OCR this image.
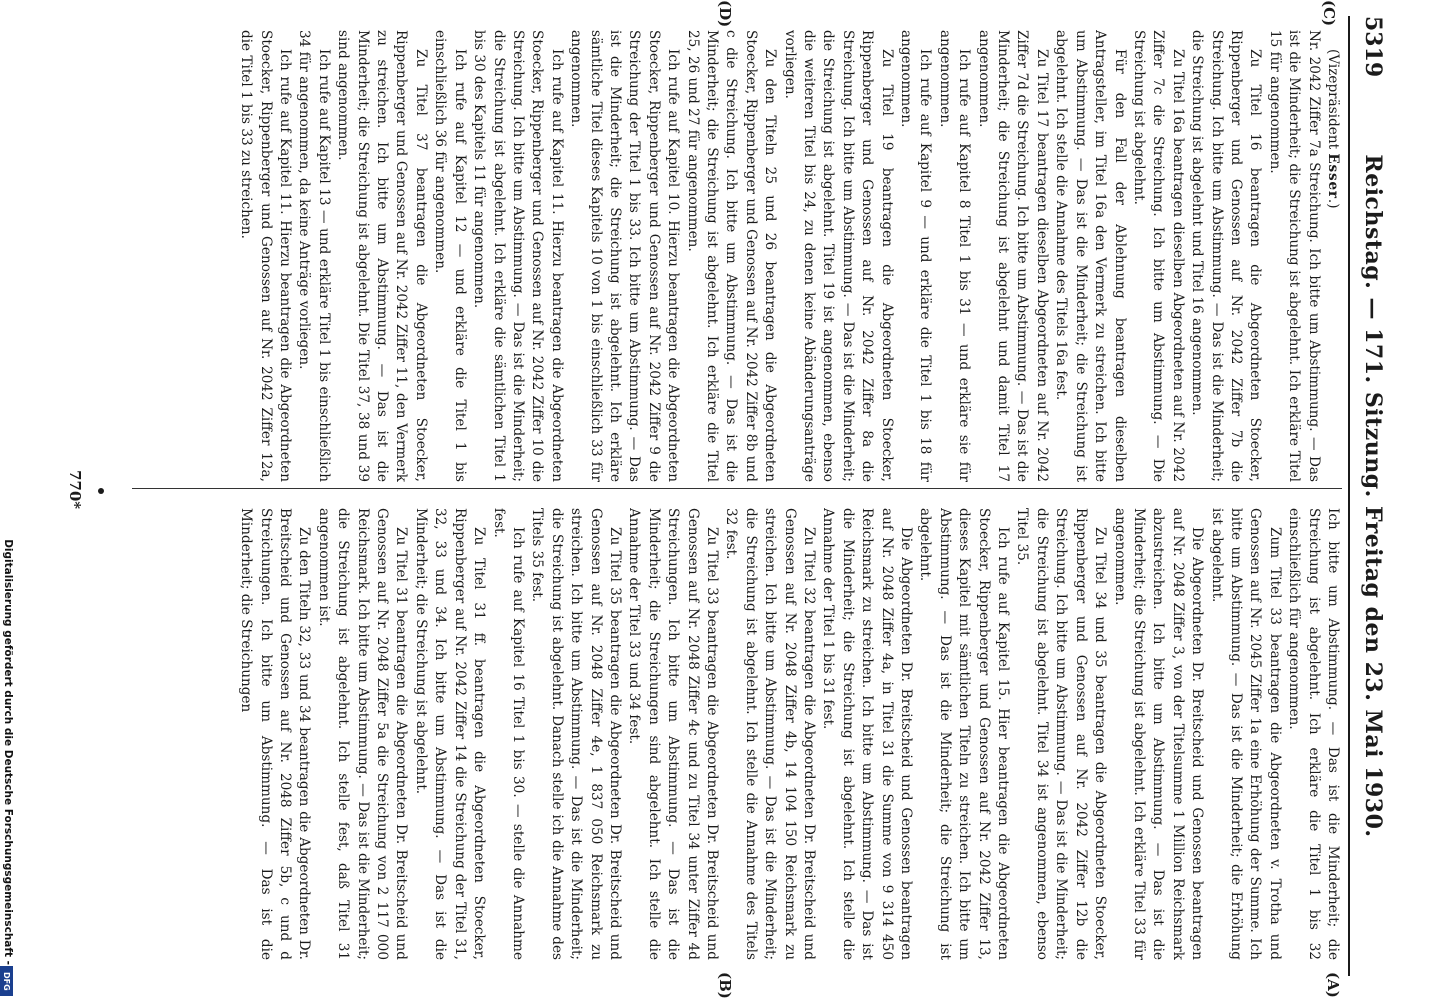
5319
Reichstag. — 171. Sitzung. Freitag den 23. Mai 1930.
(A)
(B)
(C)
(D)

(Vizepräsident Esser.)

Nr. 2042 Ziffer 7a Streichung. Ich bitte um Abstimmung. — Das ist die Minderheit; die Streichung ist abgelehnt. Ich erkläre Titel 15 für angenommen.

Zu Titel 16 beantragen die Abgeordneten Stoecker, Rippenberger und Genossen auf Nr. 2042 Ziffer 7b die Streichung. Ich bitte um Abstimmung. — Das ist die Minderheit; die Streichung ist abgelehnt und Titel 16 angenommen.

Zu Titel 16a beantragen dieselben Abgeordneten auf Nr. 2042 Ziffer 7c die Streichung. Ich bitte um Abstimmung. — Die Streichung ist abgelehnt.

Für den Fall der Ablehnung beantragen dieselben Antragsteller, im Titel 16a den Vermerk zu streichen. Ich bitte um Abstimmung. — Das ist die Minderheit; die Streichung ist abgelehnt. Ich stelle die Annahme des Titels 16a fest.

Zu Titel 17 beantragen dieselben Abgeordneten auf Nr. 2042 Ziffer 7d die Streichung. Ich bitte um Abstimmung. — Das ist die Minderheit; die Streichung ist abgelehnt und damit Titel 17 angenommen.

Ich rufe auf Kapitel 8 Titel 1 bis 31 — und erkläre sie für angenommen.

Ich rufe auf Kapitel 9 — und erkläre die Titel 1 bis 18 für angenommen.

Zu Titel 19 beantragen die Abgeordneten Stoecker, Rippenberger und Genossen auf Nr. 2042 Ziffer 8a die Streichung. Ich bitte um Abstimmung. — Das ist die Minderheit; die Streichung ist abgelehnt. Titel 19 ist angenommen, ebenso die weiteren Titel bis 24, zu denen keine Abänderungsanträge vorliegen.

Zu den Titeln 25 und 26 beantragen die Abgeordneten Stoecker, Rippenberger und Genossen auf Nr. 2042 Ziffer 8b und c die Streichung. Ich bitte um Abstimmung. — Das ist die Minderheit; die Streichung ist abgelehnt. Ich erkläre die Titel 25, 26 und 27 für angenommen.

Ich rufe auf Kapitel 10. Hierzu beantragen die Abgeordneten Stoecker, Rippenberger und Genossen auf Nr. 2042 Ziffer 9 die Streichung der Titel 1 bis 33. Ich bitte um Abstimmung. — Das ist die Minderheit; die Streichung ist abgelehnt. Ich erkläre sämtliche Titel dieses Kapitels 10 von 1 bis einschließlich 33 für angenommen.

Ich rufe auf Kapitel 11. Hierzu beantragen die Abgeordneten Stoecker, Rippenberger und Genossen auf Nr. 2042 Ziffer 10 die Streichung. Ich bitte um Abstimmung. — Das ist die Minderheit; die Streichung ist abgelehnt. Ich erkläre die sämtlichen Titel 1 bis 30 des Kapitels 11 für angenommen.

Ich rufe auf Kapitel 12 — und erkläre die Titel 1 bis einschließlich 36 für angenommen.

Zu Titel 37 beantragen die Abgeordneten Stoecker, Rippenberger und Genossen auf Nr. 2042 Ziffer 11, den Vermerk zu streichen. Ich bitte um Abstimmung. — Das ist die Minderheit; die Streichung ist abgelehnt. Die Titel 37, 38 und 39 sind angenommen.

Ich rufe auf Kapitel 13 — und erkläre Titel 1 bis einschließlich 34 für angenommen, da keine Anträge vorliegen.

Ich rufe auf Kapitel 11. Hierzu beantragen die Abgeordneten Stoecker, Rippenberger und Genossen auf Nr. 2042 Ziffer 12a, die Titel 1 bis 33 zu streichen.

Ich bitte um Abstimmung. — Das ist die Minderheit; die Streichung ist abgelehnt. Ich erkläre die Titel 1 bis 32 einschließlich für angenommen.

Zum Titel 33 beantragen die Abgeordneten v. Trotha und Genossen auf Nr. 2045 Ziffer 1a eine Erhöhung der Summe. Ich bitte um Abstimmung. — Das ist die Minderheit; die Erhöhung ist abgelehnt.

Die Abgeordneten Dr. Breitscheid und Genossen beantragen auf Nr. 2048 Ziffer 3, von der Titelsumme 1 Million Reichsmark abzustreichen. Ich bitte um Abstimmung. — Das ist die Minderheit; die Streichung ist abgelehnt. Ich erkläre Titel 33 für angenommen.

Zu Titel 34 und 35 beantragen die Abgeordneten Stoecker, Rippenberger und Genossen auf Nr. 2042 Ziffer 12b die Streichung. Ich bitte um Abstimmung. — Das ist die Minderheit; die Streichung ist abgelehnt. Titel 34 ist angenommen, ebenso Titel 35.

Ich rufe auf Kapitel 15. Hier beantragen die Abgeordneten Stoecker, Rippenberger und Genossen auf Nr. 2042 Ziffer 13, dieses Kapitel mit sämtlichen Titeln zu streichen. Ich bitte um Abstimmung. — Das ist die Minderheit; die Streichung ist abgelehnt.

Die Abgeordneten Dr. Breitscheid und Genossen beantragen auf Nr. 2048 Ziffer 4a, in Titel 31 die Summe von 9 314 450 Reichsmark zu streichen. Ich bitte um Abstimmung. — Das ist die Minderheit; die Streichung ist abgelehnt. Ich stelle die Annahme der Titel 1 bis 31 fest.

Zu Titel 32 beantragen die Abgeordneten Dr. Breitscheid und Genossen auf Nr. 2048 Ziffer 4b, 14 104 150 Reichsmark zu streichen. Ich bitte um Abstimmung. — Das ist die Minderheit; die Streichung ist abgelehnt. Ich stelle die Annahme des Titels 32 fest.

Zu Titel 33 beantragen die Abgeordneten Dr. Breitscheid und Genossen auf Nr. 2048 Ziffer 4c und zu Titel 34 unter Ziffer 4d Streichungen. Ich bitte um Abstimmung. — Das ist die Minderheit; die Streichungen sind abgelehnt. Ich stelle die Annahme der Titel 33 und 34 fest.

Zu Titel 35 beantragen die Abgeordneten Dr. Breitscheid und Genossen auf Nr. 2048 Ziffer 4e, 1 837 050 Reichsmark zu streichen. Ich bitte um Abstimmung. — Das ist die Minderheit; die Streichung ist abgelehnt. Danach stelle ich die Annahme des Titels 35 fest.

Ich rufe auf Kapitel 16 Titel 1 bis 30. — stelle die Annahme fest.

Zu Titel 31 ff. beantragen die Abgeordneten Stoecker, Rippenberger auf Nr. 2042 Ziffer 14 die Streichung der Titel 31, 32, 33 und 34. Ich bitte um Abstimmung. — Das ist die Minderheit; die Streichung ist abgelehnt.

Zu Titel 31 beantragen die Abgeordneten Dr. Breitscheid und Genossen auf Nr. 2048 Ziffer 5a die Streichung von 2 117 000 Reichsmark. Ich bitte um Abstimmung. — Das ist die Minderheit; die Streichung ist abgelehnt. Ich stelle fest, daß Titel 31 angenommen ist.

Zu den Titeln 32, 33 und 34 beantragen die Abgeordneten Dr. Breitscheid und Genossen auf Nr. 2048 Ziffer 5b, c und d Streichungen. Ich bitte um Abstimmung. — Das ist die Minderheit; die Streichungen

770*
Digitalisierung gefördert durch die Deutsche Forschungsgemeinschaft -
DFG
